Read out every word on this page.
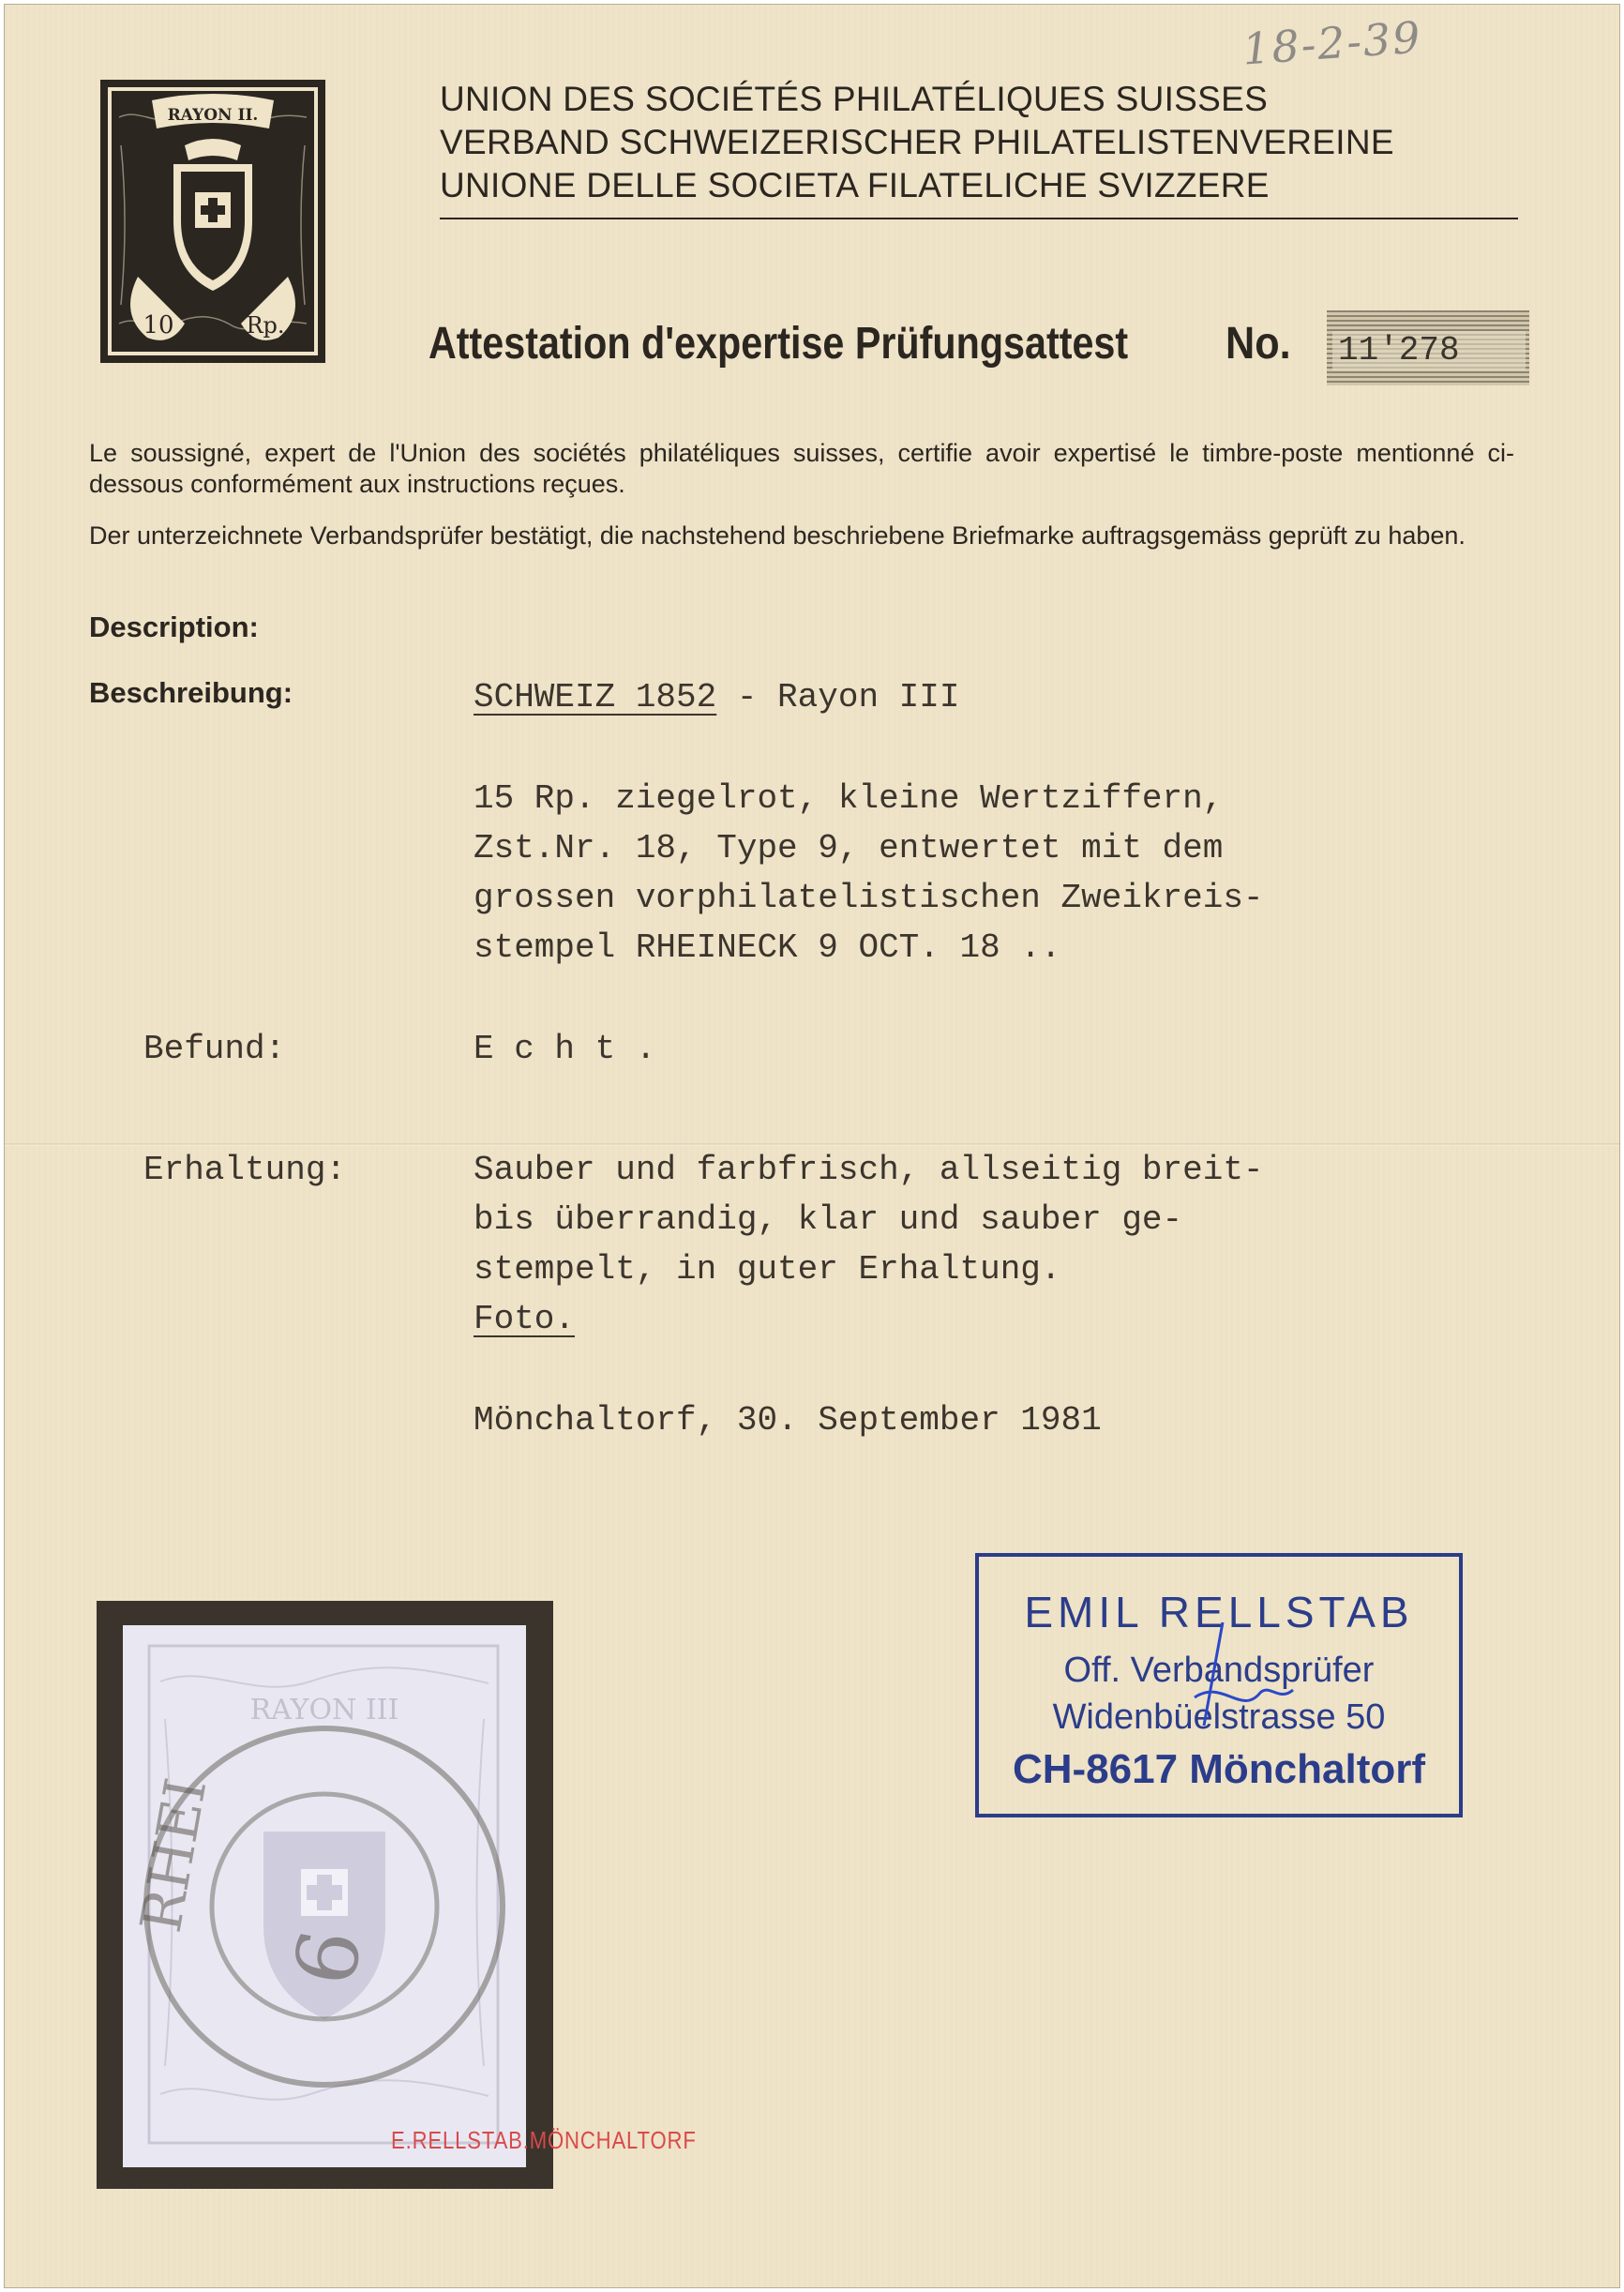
18-2-39
RAYON II.
10	Rp.
UNION DES SOCIÉTÉS PHILATÉLIQUES SUISSES
VERBAND SCHWEIZERISCHER PHILATELISTENVEREINE
UNIONE DELLE SOCIETA FILATELICHE SVIZZERE
Attestation d'expertise Prüfungsattest No. 11'278
Le soussigné, expert de l'Union des sociétés philatéliques suisses, certifie avoir expertisé le timbre-poste mentionné ci-dessous conformément aux instructions reçues.
Der unterzeichnete Verbandsprüfer bestätigt, die nachstehend beschriebene Briefmarke auftragsgemäss geprüft zu haben.
Description:
Beschreibung:	SCHWEIZ 1852 - Rayon III
15 Rp. ziegelrot, kleine Wertziffern,
Zst.Nr. 18, Type 9, entwertet mit dem
grossen vorphilatelistischen Zweikreis-
stempel RHEINECK 9 OCT. 18 ..
Befund:	E c h t .
Erhaltung:	Sauber und farbfrisch, allseitig breit-
bis überrandig, klar und sauber ge-
stempelt, in guter Erhaltung.
Foto.
Mönchaltorf, 30. September 1981
RAYON III
9
RHEI
E.RELLSTAB.MÖNCHALTORF
EMIL RELLSTAB
Off. Verbandsprüfer
Widenbüelstrasse 50
CH-8617 Mönchaltorf
